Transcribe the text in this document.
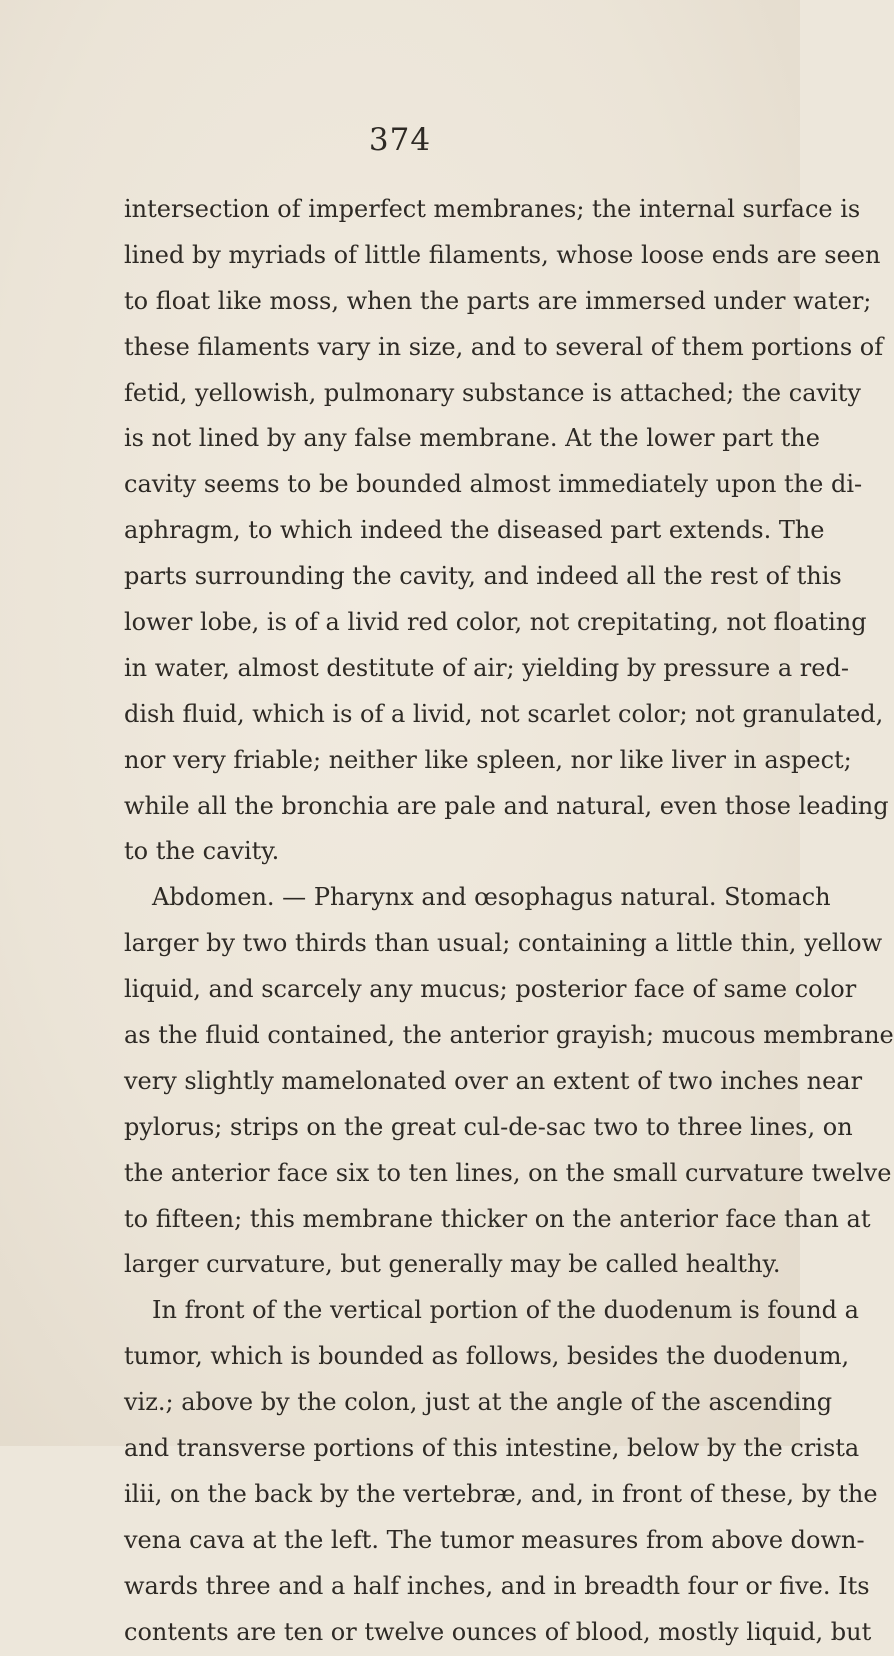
374
intersection of imperfect membranes; the internal surface is
lined by myriads of little filaments, whose loose ends are seen
to float like moss, when the parts are immersed under water;
these filaments vary in size, and to several of them portions of
fetid, yellowish, pulmonary substance is attached; the cavity
is not lined by any false membrane. At the lower part the
cavity seems to be bounded almost immediately upon the di-
aphragm, to which indeed the diseased part extends. The
parts surrounding the cavity, and indeed all the rest of this
lower lobe, is of a livid red color, not crepitating, not floating
in water, almost destitute of air; yielding by pressure a red-
dish fluid, which is of a livid, not scarlet color; not granulated,
nor very friable; neither like spleen, nor like liver in aspect;
while all the bronchia are pale and natural, even those leading
to the cavity.
Abdomen. — Pharynx and œsophagus natural. Stomach
larger by two thirds than usual; containing a little thin, yellow
liquid, and scarcely any mucus; posterior face of same color
as the fluid contained, the anterior grayish; mucous membrane
very slightly mamelonated over an extent of two inches near
pylorus; strips on the great cul-de-sac two to three lines, on
the anterior face six to ten lines, on the small curvature twelve
to fifteen; this membrane thicker on the anterior face than at
larger curvature, but generally may be called healthy.
In front of the vertical portion of the duodenum is found a
tumor, which is bounded as follows, besides the duodenum,
viz.; above by the colon, just at the angle of the ascending
and transverse portions of this intestine, below by the crista
ilii, on the back by the vertebræ, and, in front of these, by the
vena cava at the left. The tumor measures from above down-
wards three and a half inches, and in breadth four or five. Its
contents are ten or twelve ounces of blood, mostly liquid, but
